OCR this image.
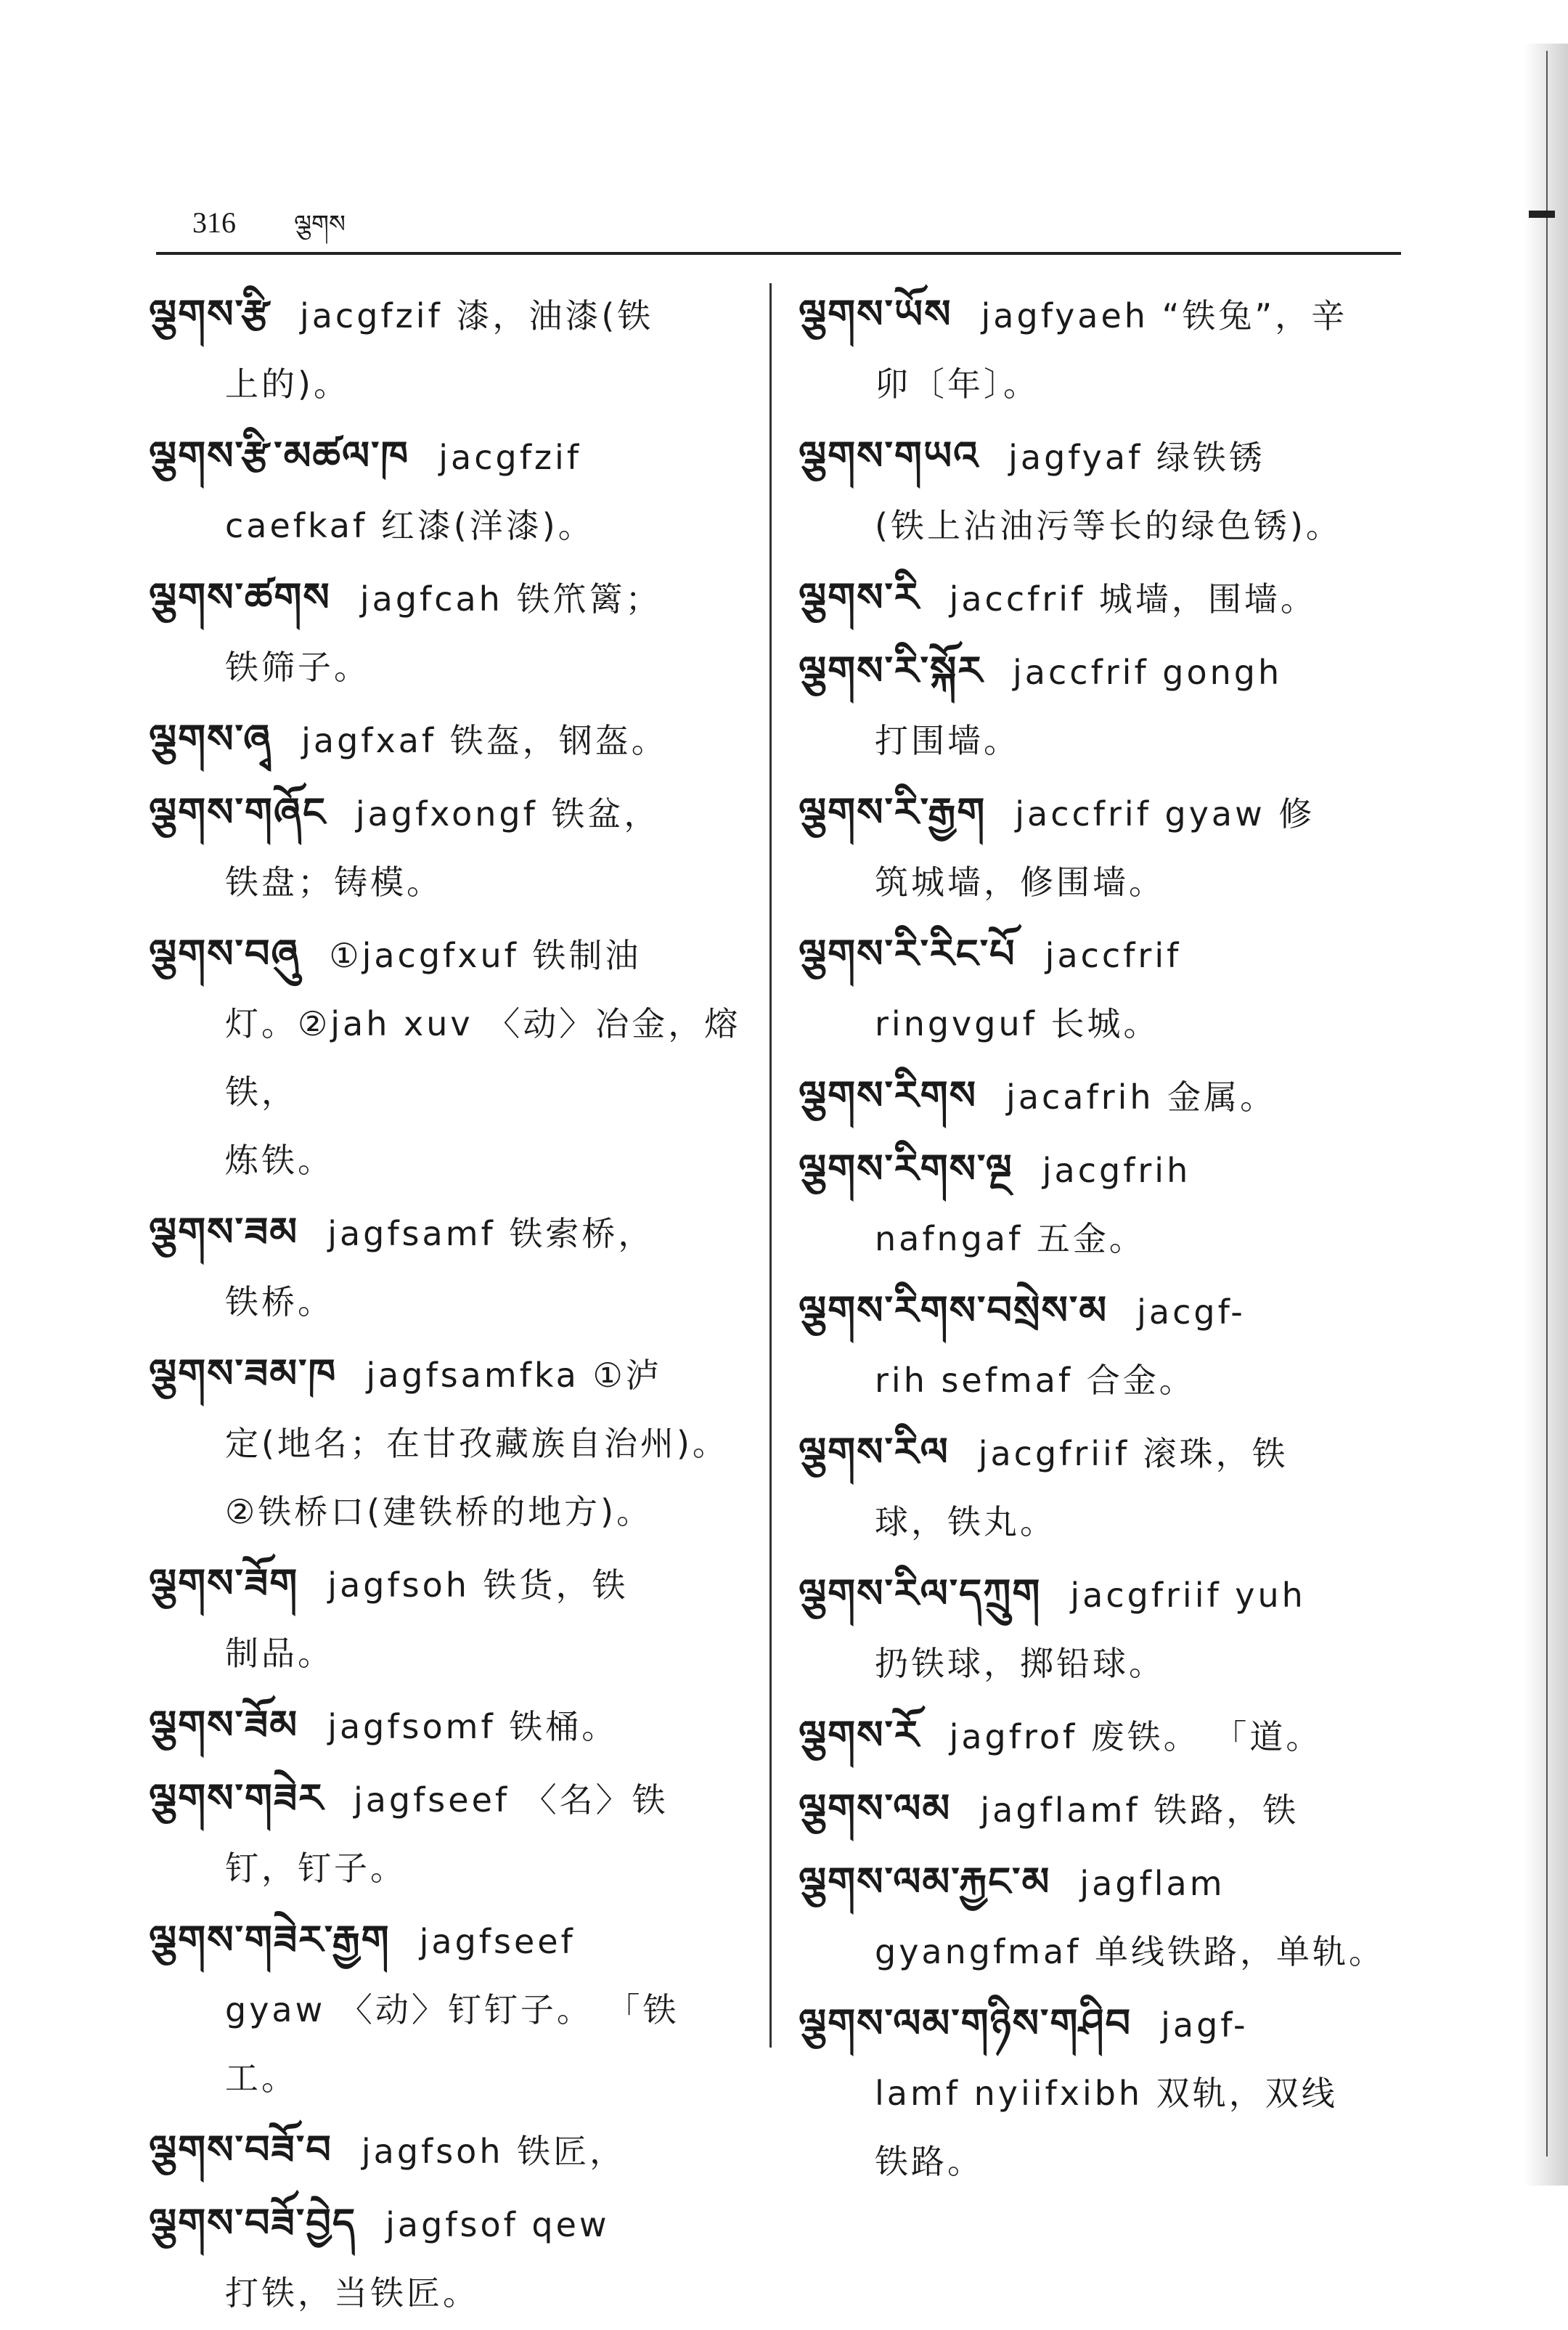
316 ལྕགས
ལྕགས་རྩི jacgfzif 漆，油漆(铁
上的)。
ལྕགས་རྩི་མཚལ་ཁ jacgfzif
caefkaf 红漆(洋漆)。
ལྕགས་ཚགས jagfcah 铁笊篱；
铁筛子。
ལྕགས་ཞྭ jagfxaf 铁盔，钢盔。
ལྕགས་གཞོང jagfxongf 铁盆，
铁盘；铸模。
ལྕགས་བཞུ ①jacgfxuf 铁制油
灯。②jah xuv 〈动〉冶金，熔铁，
炼铁。
ལྕགས་ཟམ jagfsamf 铁索桥，
铁桥。
ལྕགས་ཟམ་ཁ jagfsamfka ①泸
定(地名；在甘孜藏族自治州)。
②铁桥口(建铁桥的地方)。
ལྕགས་ཟོག jagfsoh 铁货，铁
制品。
ལྕགས་ཟོམ jagfsomf 铁桶。
ལྕགས་གཟེར jagfseef 〈名〉铁
钉，钉子。
ལྕགས་གཟེར་རྒྱག jagfseef
gyaw 〈动〉钉钉子。 「铁工。
ལྕགས་བཟོ་བ jagfsoh 铁匠，
ལྕགས་བཟོ་བྱེད jagfsof qew
打铁，当铁匠。
ལྕགས་ཡོས jagfyaeh “铁兔”，辛
卯〔年〕。
ལྕགས་གཡའ jagfyaf 绿铁锈
(铁上沾油污等长的绿色锈)。
ལྕགས་རི jaccfrif 城墙，围墙。
ལྕགས་རི་སྐོར jaccfrif gongh
打围墙。
ལྕགས་རི་རྒྱག jaccfrif gyaw 修
筑城墙，修围墙。
ལྕགས་རི་རིང་པོ jaccfrif
ringvguf 长城。
ལྕགས་རིགས jacafrih 金属。
ལྕགས་རིགས་ལྔ jacgfrih
nafngaf 五金。
ལྕགས་རིགས་བསྲེས་མ jacgf-
rih sefmaf 合金。
ལྕགས་རིལ jacgfriif 滚珠，铁
球，铁丸。
ལྕགས་རིལ་དཀྲུག jacgfriif yuh
扔铁球，掷铅球。
ལྕགས་རོ jagfrof 废铁。 「道。
ལྕགས་ལམ jagflamf 铁路，铁
ལྕགས་ལམ་རྐྱང་མ jagflam
gyangfmaf 单线铁路，单轨。
ལྕགས་ལམ་གཉིས་གཤིབ jagf-
lamf nyiifxibh 双轨，双线
铁路。
